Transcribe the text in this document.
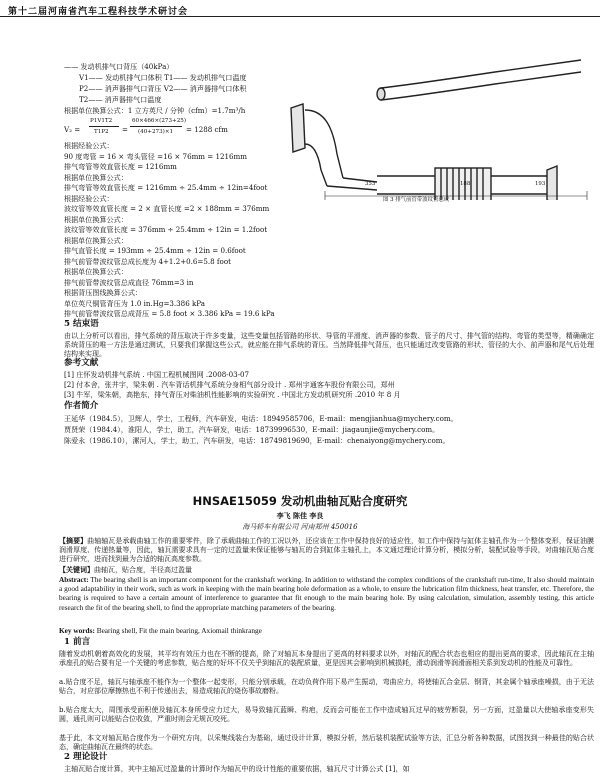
第十二届河南省汽车工程科技学术研讨会
—— 发动机排气口背压（40kPa）
V1—— 发动机排气口体积 T1—— 发动机排气口温度
P2—— 消声器排气口背压 V2—— 消声器排气口体积
T2—— 消声器排气口温度
根据单位换算公式：1 立方英尺 / 分钟（cfm）=1.7m³/h
V₂ =
P1V1T2
T1P2 =
60×466×(273+25)
(40+273)×1 = 1288 cfm
根据经验公式：
90 度弯管 = 16 × 弯头管径 =16 × 76mm = 1216mm
排气弯管等效直管长度 = 1216mm
根据单位换算公式：
排气弯管等效直管长度 = 1216mm ÷ 25.4mm ÷ 12in=4foot
根据经验公式：
波纹管等效直管长度 = 2 × 直管长度 =2 × 188mm = 376mm
根据单位换算公式：
波纹管等效直管长度 = 376mm ÷ 25.4mm ÷ 12in = 1.2foot
根据单位换算公式：
排气直管长度 = 193mm ÷ 25.4mm ÷ 12in = 0.6foot
排气前管带波纹管总成长度为 4+1.2+0.6=5.8 foot
根据单位换算公式：
排气前管带波纹管总成直径 76mm=3 in
根据背压图线换算公式：
单位英尺铜管背压为 1.0 in.Hg=3.386 kPa
排气前管带波纹管总成背压 = 5.8 foot × 3.386 kPa = 19.6 kPa
353	188	193
图 3 排气前管带波纹管总成
5 结束语
由以上分析可以看出，排气系统的背压取决于许多变量，这些变量包括管路的形状、导管的平滑度、消声器的参数、管子的尺寸、排气管的结构、弯管的类型等，精确确定系统背压的唯一方法是通过测试，只要我们掌握这些公式，就应能在排气系统的背压。当然降低排气背压，也只能通过改变管路的形状、管径的大小、前声器和尾气后处理结构来实现。
参考文献
[1] 庄怀发动机排气系统 . 中国工程机械图网 .2008-03-07
[2] 付本舍，张井宇，梁朱朝 . 汽车背话机排气系统分身相气部分设计 . 郑州宇通客车股份有限公司，郑州
[3] 牛军，梁朱朝，高艳东，排气背压对柴油机性能影响的实验研究 . 中国北方发动机研究所 .2010 年 8 月
作者简介
王延华（1984.5），卫辉人，学士，工程师，汽车研发，电话：18949585706，E-mail：mengjianhua@mychery.com。
贾贤荣（1984.4），淮阳人，学士，助工，汽车研发，电话：18739996530，E-mail：jiagaunjie@mychery.com。
陈爱永（1986.10），漯河人，学士，助工，汽车研发，电话：18749819690，E-mail：chenaiyong@mychery.com。
HNSAE15059 发动机曲轴瓦贴合度研究
李飞 陈佳 李良
海马轿车有限公司 河南郑州 450016
【摘要】曲轴轴瓦是承载曲轴工作的重要零件，除了承载曲轴工作的工况以外，还应该在工作中保持良好的适应性，如工作中保持与缸体主轴孔作为一个整体变形，保证油膜润滑厚度、传递热量等，因此，轴瓦需要求具有一定的过盈量来保证能够与轴瓦的合到缸体主轴孔上，本文通过理论计算分析，模拟分析，装配试验等手段，对曲轴瓦贴合度进行研究，进而找到最为合适的轴瓦高度参数。
【关键词】曲轴瓦，贴合度，半径高过盈量
Abstract: The bearing shell is an important component for the crankshaft working. In addition to withstand the complex conditions of the crankshaft run-time, It also should maintain a good adaptability in their work, such as work in keeping with the main bearing hole deformation as a whole, to ensure the lubrication film thickness, heat transfer, etc. Therefore, the bearing is required to have a certain amount of interference to guarantee that fit enough to the main bearing hole. By using calculation, simulation, assembly testing, this article research the fit of the bearing shell, to find the appropriate matching parameters of the bearing.
Key words: Bearing shell, Fit the main bearing, Axiomail thinkrange
1 前言
随着发动机朝着高效化的发展，其平均有效压力也在不断的提高，除了对轴瓦本身提出了更高的材料要求以外，对轴瓦的配合状态也相应的提出更高的要求，因此轴瓦在主轴承座孔的贴合要有足一个关键的考虑参数，贴合度的好坏不仅关乎到轴瓦的装配质量，更是因其会影响到机械损耗，滑动润滑等润滑面相关系到发动机的性能及可靠性。
a.贴合度不足，轴瓦与轴承座不能作为一个整体一起变形，只能分别承载，在动负荷作用下易产生振动，弯曲应力，将使轴瓦合金层、钢背，其金属个轴承座噪损，由于无法贴合，对应部位摩擦热也不利于传递出去，易造成轴瓦的烧伤事故磨粉。
b.贴合度太大，周围承受面积使及轴瓦本身所受应力过大，易导致轴瓦蓝瞬、构疤，反而会可能在工作中造成轴瓦过早的疲劳断裂，另一方面，过盈量以大使轴承座变形失圆，通孔则可以能贴合位收敛，严重时则会无规瓦咬死。
基于此，本文对轴瓦贴合度作为一个研究方向，以采集线装台为基础，通过设计计算，模拟分析，然后装机装配试验等方法，汇总分析各种数据，试图找到一种最佳的贴合状态，确定曲轴瓦在最终的状态。
2 理论设计
主轴瓦贴合度计算，其中主轴瓦过盈量的计算时作为轴瓦中的设计性能的重要依据，轴瓦尺寸计算公式 [1]，如
